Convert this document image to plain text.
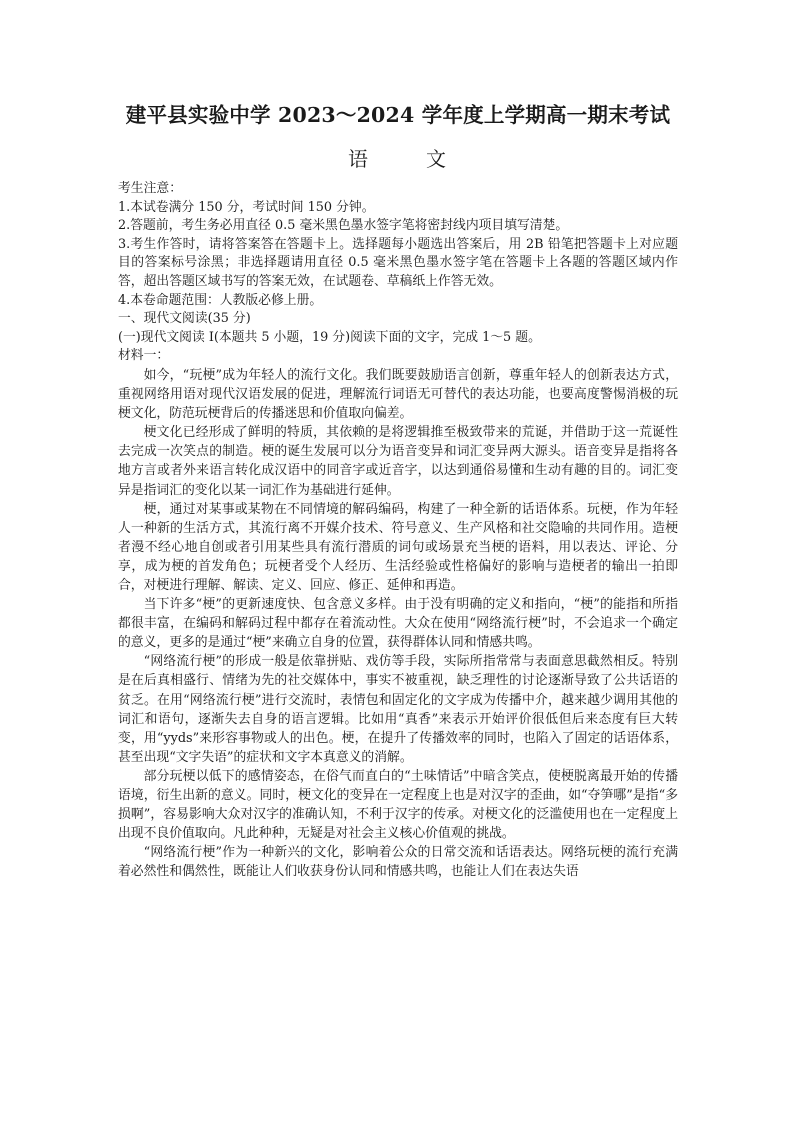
建平县实验中学 2023～2024 学年度上学期高一期末考试
语	文

考生注意：

1.本试卷满分 150 分，考试时间 150 分钟。

2.答题前，考生务必用直径 0.5 毫米黑色墨水签字笔将密封线内项目填写清楚。

3.考生作答时，请将答案答在答题卡上。选择题每小题选出答案后，用 2B 铅笔把答题卡上对应题目的答案标号涂黑；非选择题请用直径 0.5 毫米黑色墨水签字笔在答题卡上各题的答题区域内作答，超出答题区域书写的答案无效，在试题卷、草稿纸上作答无效。

4.本卷命题范围：人教版必修上册。

一、现代文阅读(35 分)

(一)现代文阅读 Ⅰ(本题共 5 小题，19 分)阅读下面的文字，完成 1～5 题。

材料一：

如今，“玩梗”成为年轻人的流行文化。我们既要鼓励语言创新，尊重年轻人的创新表达方式，重视网络用语对现代汉语发展的促进，理解流行词语无可替代的表达功能，也要高度警惕消极的玩梗文化，防范玩梗背后的传播迷思和价值取向偏差。

梗文化已经形成了鲜明的特质，其依赖的是将逻辑推至极致带来的荒诞，并借助于这一荒诞性去完成一次笑点的制造。梗的诞生发展可以分为语音变异和词汇变异两大源头。语音变异是指将各地方言或者外来语言转化成汉语中的同音字或近音字，以达到通俗易懂和生动有趣的目的。词汇变异是指词汇的变化以某一词汇作为基础进行延伸。

梗，通过对某事或某物在不同情境的解码编码，构建了一种全新的话语体系。玩梗，作为年轻人一种新的生活方式，其流行离不开媒介技术、符号意义、生产风格和社交隐喻的共同作用。造梗者漫不经心地自创或者引用某些具有流行潜质的词句或场景充当梗的语料，用以表达、评论、分享，成为梗的首发角色；玩梗者受个人经历、生活经验或性格偏好的影响与造梗者的输出一拍即合，对梗进行理解、解读、定义、回应、修正、延伸和再造。

当下许多“梗”的更新速度快、包含意义多样。由于没有明确的定义和指向，“梗”的能指和所指都很丰富，在编码和解码过程中都存在着流动性。大众在使用“网络流行梗”时，不会追求一个确定的意义，更多的是通过“梗”来确立自身的位置，获得群体认同和情感共鸣。

“网络流行梗”的形成一般是依靠拼贴、戏仿等手段，实际所指常常与表面意思截然相反。特别是在后真相盛行、情绪为先的社交媒体中，事实不被重视，缺乏理性的讨论逐渐导致了公共话语的贫乏。在用“网络流行梗”进行交流时，表情包和固定化的文字成为传播中介，越来越少调用其他的词汇和语句，逐渐失去自身的语言逻辑。比如用“真香”来表示开始评价很低但后来态度有巨大转变，用“yyds”来形容事物或人的出色。梗，在提升了传播效率的同时，也陷入了固定的话语体系，甚至出现“文字失语”的症状和文字本真意义的消解。

部分玩梗以低下的感情姿态，在俗气而直白的“土味情话”中暗含笑点，使梗脱离最开始的传播语境，衍生出新的意义。同时，梗文化的变异在一定程度上也是对汉字的歪曲，如“夺笋哪”是指“多损啊”，容易影响大众对汉字的准确认知，不利于汉字的传承。对梗文化的泛滥使用也在一定程度上出现不良价值取向。凡此种种，无疑是对社会主义核心价值观的挑战。

“网络流行梗”作为一种新兴的文化，影响着公众的日常交流和话语表达。网络玩梗的流行充满着必然性和偶然性，既能让人们收获身份认同和情感共鸣，也能让人们在表达失语
